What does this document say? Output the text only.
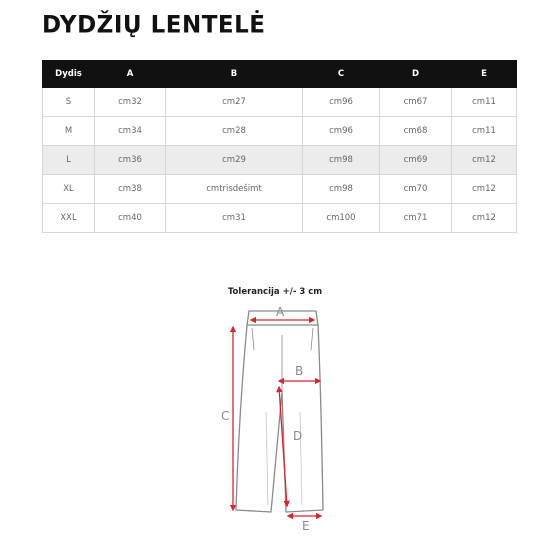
DYDŽIŲ LENTELĖ
Dydis	A	B	C	D	E
S	cm32	cm27	cm96	cm67	cm11
M	cm34	cm28	cm96	cm68	cm11
L	cm36	cm29	cm98	cm69	cm12
XL	cm38	cmtrisdešimt	cm98	cm70	cm12
XXL	cm40	cm31	cm100	cm71	cm12
Tolerancija +/- 3 cm
A
B
C
D
E
